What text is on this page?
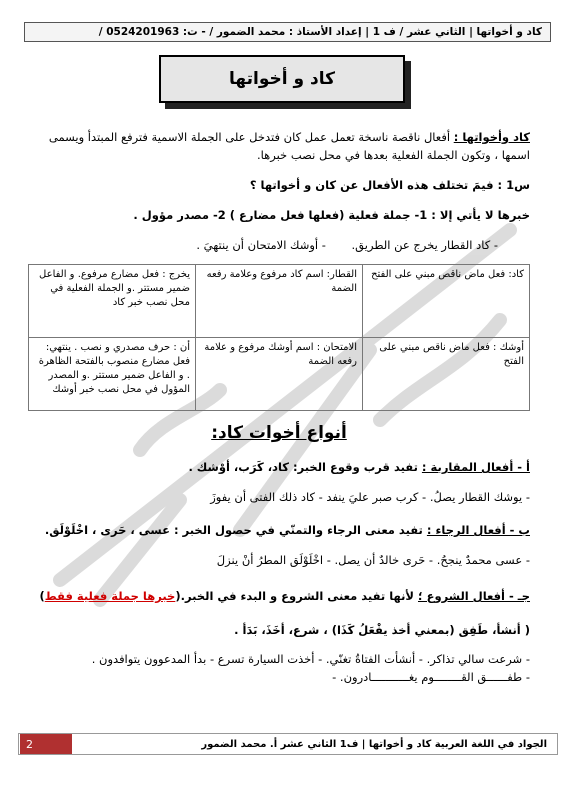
كاد و أخواتها | الثاني عشر / ف 1 | إعداد الأستاذ : محمد الضمور / - ت: 0524201963 /
كاد و أخواتها
كاد وأخواتها : أفعال ناقصة ناسخة تعمل عمل كان فتدخل على الجملة الاسمية فترفع المبتدأ ويسمى
اسمها ، وتكون الجملة الفعلية بعدها في محل نصب خبرها.
س1 : فيمَ تختلف هذه الأفعال عن كان و أخواتها ؟
خبرها لا يأتي إلا : 1- جملة فعلية (فعلها فعل مضارع ) 2- مصدر مؤول .
- كاد القطار يخرج عن الطريق.       - أوشك الامتحان أن ينتهيَ .
كاد: فعل ماض ناقص مبني على الفتح	القطار: اسم كاد مرفوع وعلامة رفعه الضمة	يخرج : فعل مضارع مرفوع. و الفاعل ضمير مستتر .و الجملة الفعلية في محل نصب خبر كاد
أوشك : فعل ماض ناقص مبني على الفتح	الامتحان : اسم أوشك مرفوع و علامة رفعه الضمة	أن : حرف مصدري و نصب . ينتهي: فعل مضارع منصوب بالفتحة الظاهرة . و الفاعل ضمير مستتر .و المصدر المؤول في محل نصب خبر أوشك
أنواع أخوات كاد:
أ - أفعال المقاربة : تفيد قرب وقوع الخبر: كاد، كَرَب، أوْشك .
- يوشك القطار يصلُ. - كرب صبر عليَ ينفد - كاد ذلك الفتى أن يفوزَ
ب - أفعال الرجاء : تفيد معنى الرجاء والتمنّي في حصول الخبر : عسى ، حَرى ، اخْلَوْلَق.
- عسى محمدٌ ينجحُ. - حَرى خالدٌ أن يصل. - اخْلَوْلَق المطرُ أنْ ينزلَ
جـ - أفعال الشروع ؛ لأنها تفيد معنى الشروع و البدء في الخبر.(خبرها جملة فعلية فقط)
( أنشأ، طَفِق (بمعني أخذ يفْعَلُ كَذَا) ، شرع، أخَذَ، بَدَأ .
- شرعت سالي تذاكر. - أنشأت الفتاةُ تغنّي. - أخذت السيارة تسرع - بدأ المدعوون يتوافدون .
- طفــــــق القــــــــوم يغـــــــــــادرون. -
الجواد في اللغة العربية كاد و أخواتها | ف1 الثاني عشر أ. محمد الضمور
2
